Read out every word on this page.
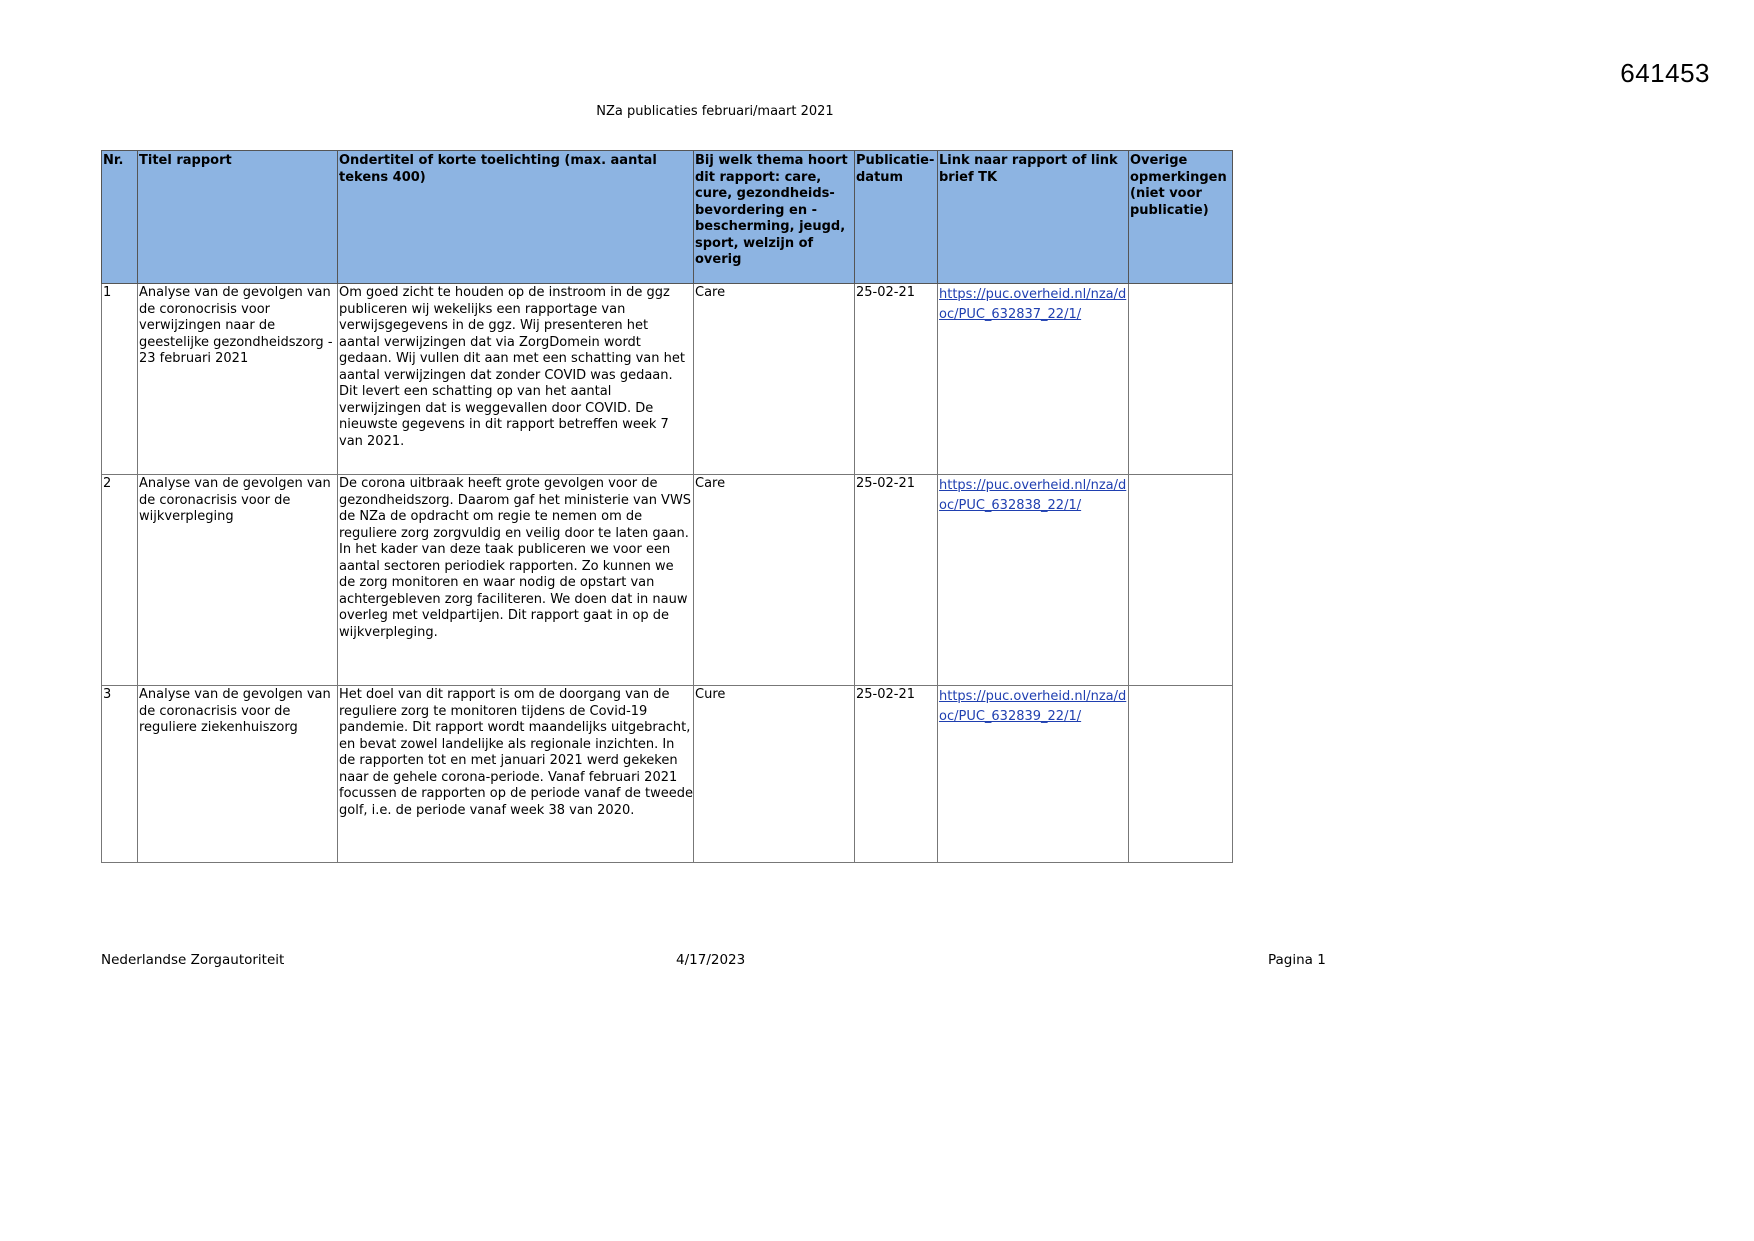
641453
NZa publicaties februari/maart 2021
Nr.	Titel rapport	Ondertitel of korte toelichting (max. aantal tekens 400)	Bij welk thema hoort dit rapport: care, cure, gezondheids-bevordering en -bescherming, jeugd, sport, welzijn of overig	Publicatie-datum	Link naar rapport of link brief TK	Overige opmerkingen (niet voor publicatie)
1	Analyse van de gevolgen van de coronocrisis voor verwijzingen naar de geestelijke gezondheidszorg - 23 februari 2021	Om goed zicht te houden op de instroom in de ggz publiceren wij wekelijks een rapportage van verwijsgegevens in de ggz. Wij presenteren het aantal verwijzingen dat via ZorgDomein wordt gedaan. Wij vullen dit aan met een schatting van het aantal verwijzingen dat zonder COVID was gedaan. Dit levert een schatting op van het aantal verwijzingen dat is weggevallen door COVID. De nieuwste gegevens in dit rapport betreffen week 7 van 2021.	Care	25-02-21	https://puc.overheid.nl/nza/doc/PUC_632837_22/1/	
2	Analyse van de gevolgen van de coronacrisis voor de wijkverpleging	De corona uitbraak heeft grote gevolgen voor de gezondheidszorg. Daarom gaf het ministerie van VWS de NZa de opdracht om regie te nemen om de reguliere zorg zorgvuldig en veilig door te laten gaan. In het kader van deze taak publiceren we voor een aantal sectoren periodiek rapporten. Zo kunnen we de zorg monitoren en waar nodig de opstart van achtergebleven zorg faciliteren. We doen dat in nauw overleg met veldpartijen. Dit rapport gaat in op de wijkverpleging.	Care	25-02-21	https://puc.overheid.nl/nza/doc/PUC_632838_22/1/	
3	Analyse van de gevolgen van de coronacrisis voor de reguliere ziekenhuiszorg	Het doel van dit rapport is om de doorgang van de reguliere zorg te monitoren tijdens de Covid-19 pandemie. Dit rapport wordt maandelijks uitgebracht, en bevat zowel landelijke als regionale inzichten. In de rapporten tot en met januari 2021 werd gekeken naar de gehele corona-periode. Vanaf februari 2021 focussen de rapporten op de periode vanaf de tweede golf, i.e. de periode vanaf week 38 van 2020.	Cure	25-02-21	https://puc.overheid.nl/nza/doc/PUC_632839_22/1/	
Nederlandse Zorgautoriteit	4/17/2023	Pagina 1
